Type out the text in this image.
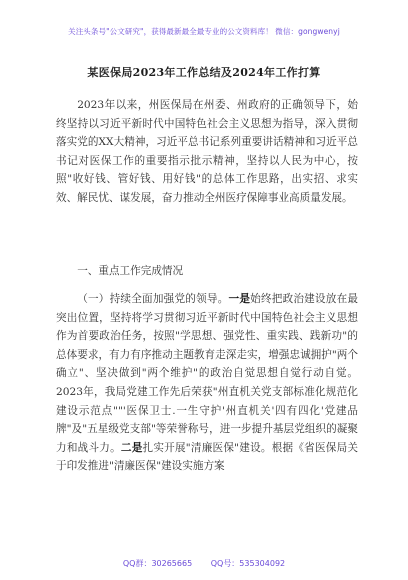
关注头条号"公文研究"，获得最新最全最专业的公文资料库！ 微信：gongwenyj
某医保局2023年工作总结及2024年工作打算

2023年以来，州医保局在州委、州政府的正确领导下，始终坚持以习近平新时代中国特色社会主义思想为指导，深入贯彻落实党的XX大精神，习近平总书记系列重要讲话精神和习近平总书记对医保工作的重要指示批示精神，坚持以人民为中心，按照"收好钱、管好钱、用好钱"的总体工作思路，出实招、求实效、解民忧、谋发展，奋力推动全州医疗保障事业高质量发展。

一、重点工作完成情况

（一）持续全面加强党的领导。一是始终把政治建设放在最突出位置，坚持将学习贯彻习近平新时代中国特色社会主义思想作为首要政治任务，按照"学思想、强党性、重实践、践新功"的总体要求，有力有序推动主题教育走深走实，增强忠诚拥护"两个确立"、坚决做到"两个维护"的政治自觉思想自觉行动自觉。2023年，我局党建工作先后荣获"州直机关党支部标准化规范化建设示范点""'医保卫士.一生守护'州直机关'四有四化'党建品牌"及"五星级党支部"等荣誉称号，进一步提升基层党组织的凝聚力和战斗力。二是扎实开展"清廉医保"建设。根据《省医保局关于印发推进"清廉医保"建设实施方案

QQ群：30265665 QQ号：535304092
